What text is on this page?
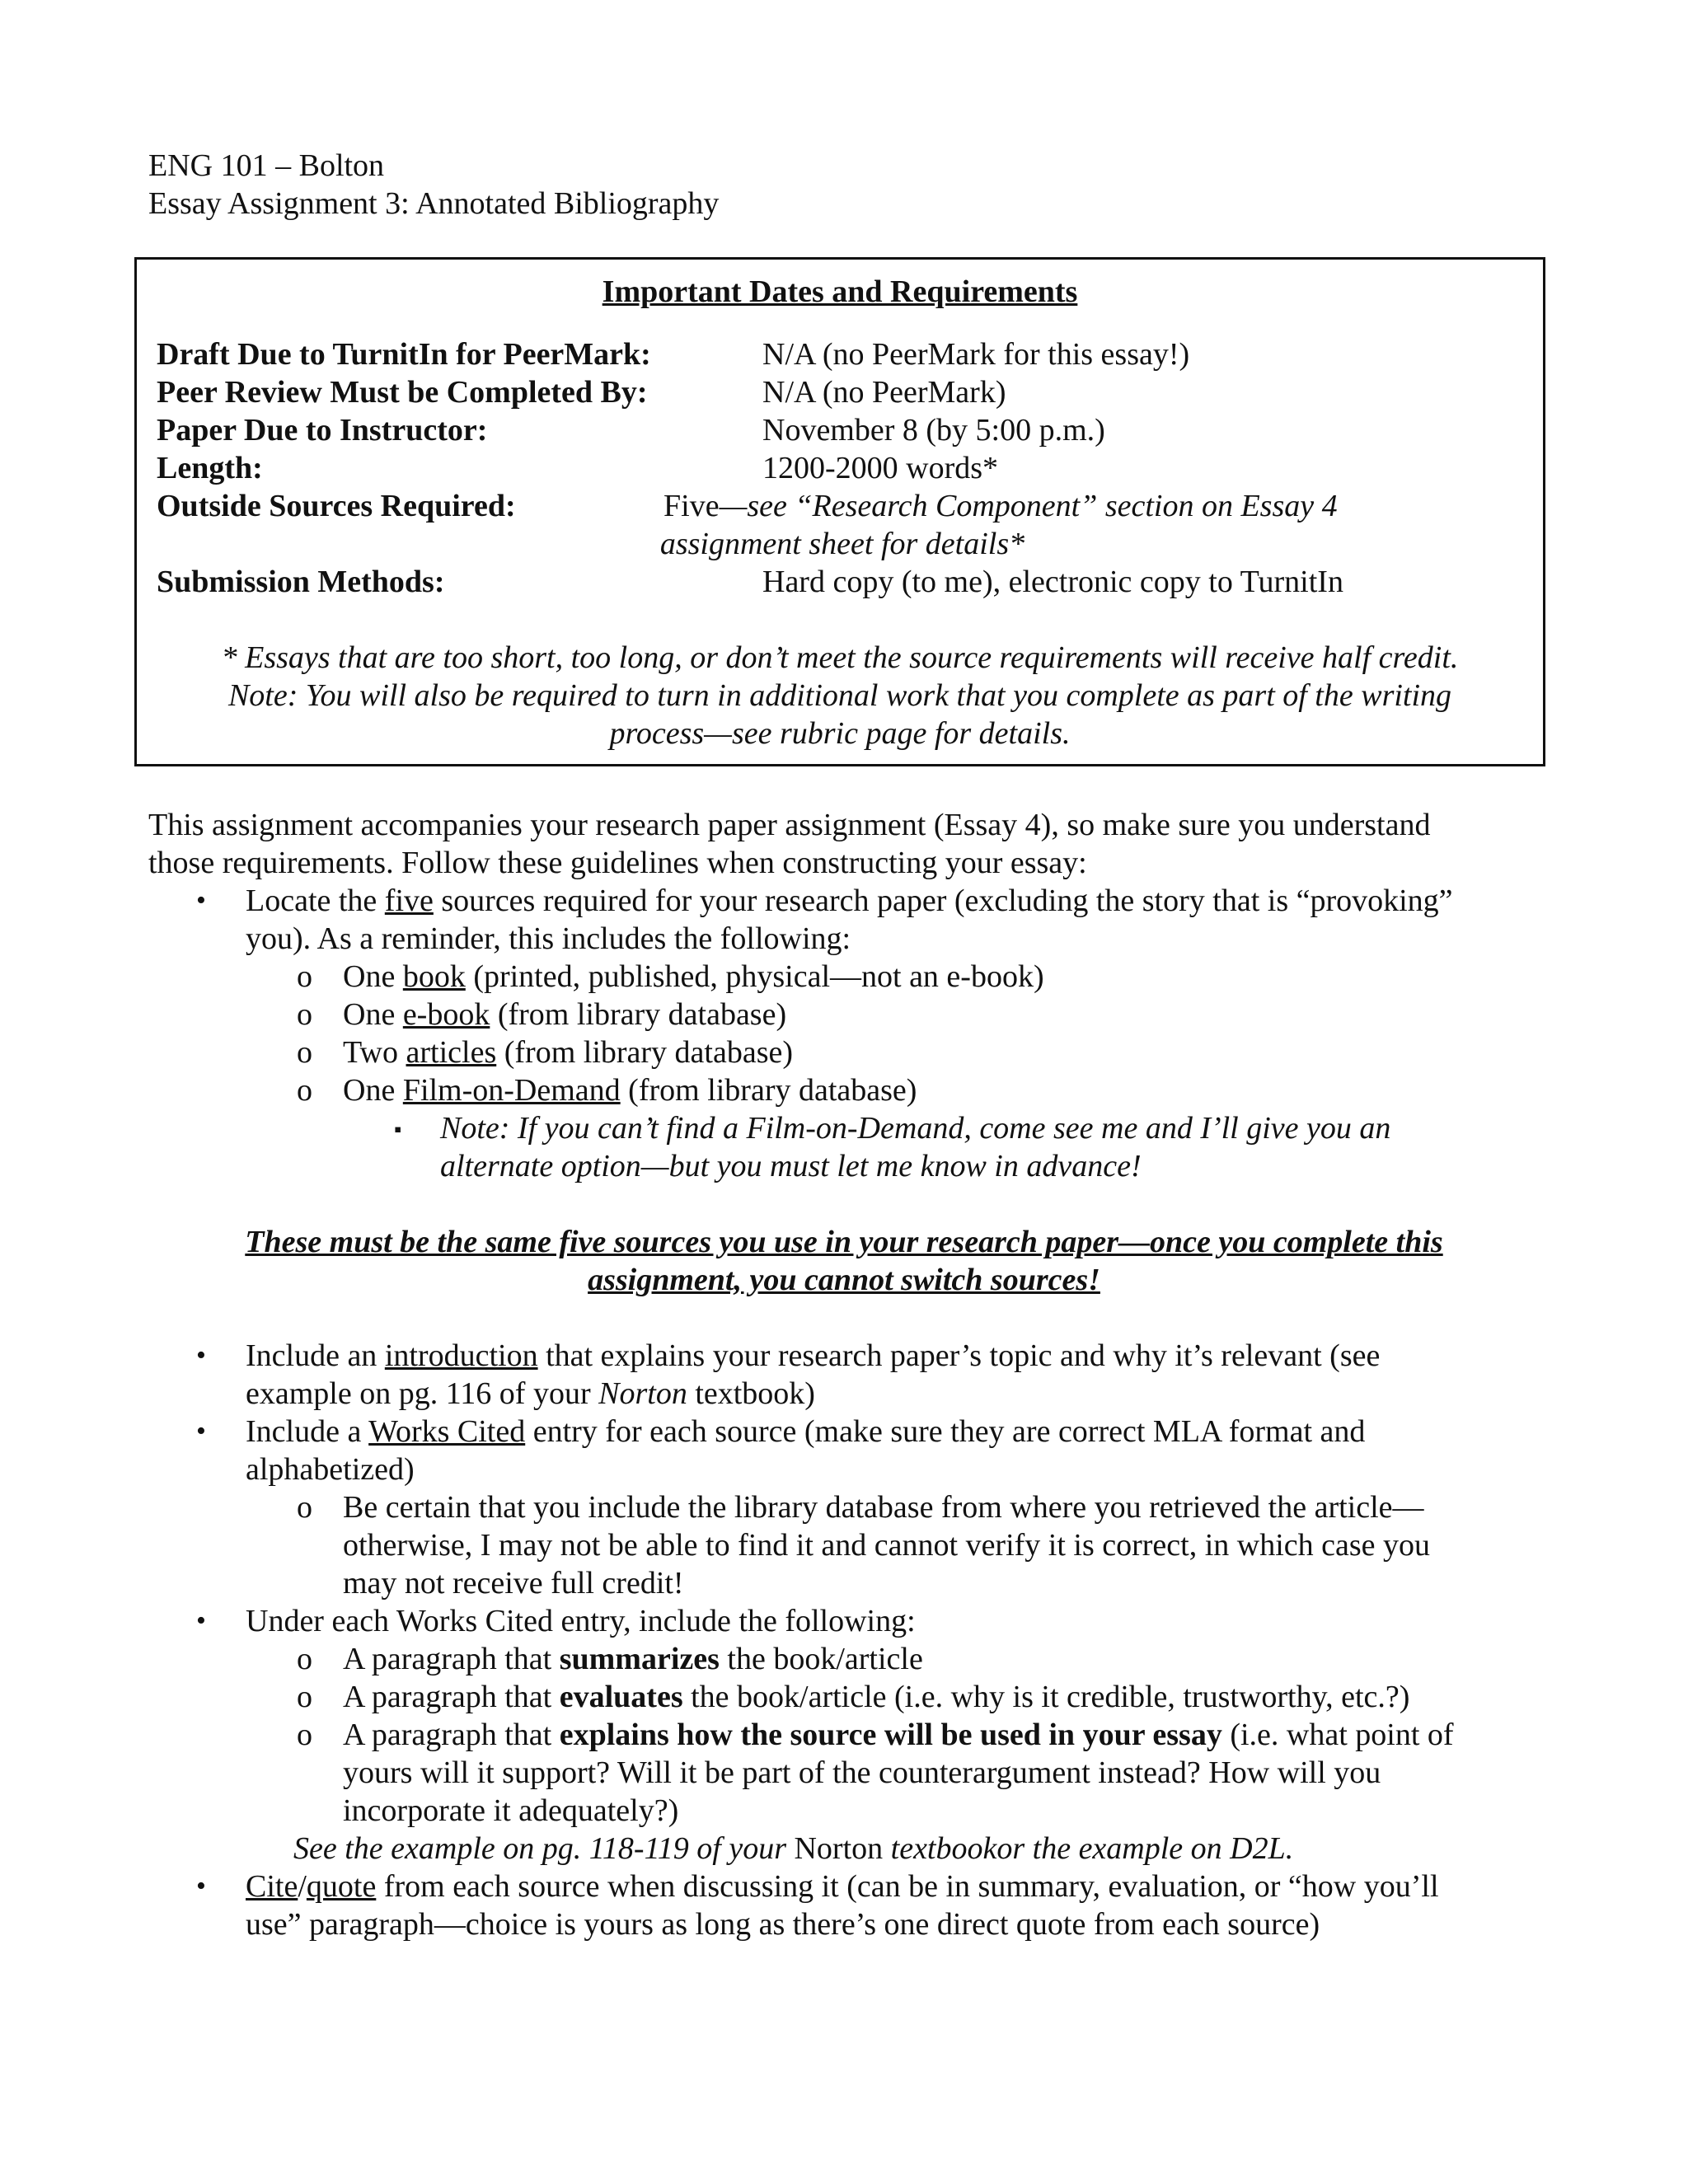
ENG 101 – Bolton
Essay Assignment 3: Annotated Bibliography
Important Dates and Requirements
Draft Due to TurnitIn for PeerMark:	N/A (no PeerMark for this essay!)
Peer Review Must be Completed By:	N/A (no PeerMark)
Paper Due to Instructor:	November 8 (by 5:00 p.m.)
Length:	1200-2000 words*
Outside Sources Required:	Five—see “Research Component” section on Essay 4
assignment sheet for details*
Submission Methods:	Hard copy (to me), electronic copy to TurnitIn
* Essays that are too short, too long, or don’t meet the source requirements will receive half credit.
Note: You will also be required to turn in additional work that you complete as part of the writing
process—see rubric page for details.
This assignment accompanies your research paper assignment (Essay 4), so make sure you understand
those requirements. Follow these guidelines when constructing your essay:
• Locate the five sources required for your research paper (excluding the story that is “provoking”
you). As a reminder, this includes the following:
o One book (printed, published, physical—not an e-book)
o One e-book (from library database)
o Two articles (from library database)
o One Film-on-Demand (from library database)
▪ Note: If you can’t find a Film-on-Demand, come see me and I’ll give you an
alternate option—but you must let me know in advance!
These must be the same five sources you use in your research paper—once you complete this
assignment, you cannot switch sources!
• Include an introduction that explains your research paper’s topic and why it’s relevant (see
example on pg. 116 of your Norton textbook)
• Include a Works Cited entry for each source (make sure they are correct MLA format and
alphabetized)
o Be certain that you include the library database from where you retrieved the article—
otherwise, I may not be able to find it and cannot verify it is correct, in which case you
may not receive full credit!
• Under each Works Cited entry, include the following:
o A paragraph that summarizes the book/article
o A paragraph that evaluates the book/article (i.e. why is it credible, trustworthy, etc.?)
o A paragraph that explains how the source will be used in your essay (i.e. what point of
yours will it support? Will it be part of the counterargument instead? How will you
incorporate it adequately?)
See the example on pg. 118-119 of your Norton textbookor the example on D2L.
• Cite/quote from each source when discussing it (can be in summary, evaluation, or “how you’ll
use” paragraph—choice is yours as long as there’s one direct quote from each source)
